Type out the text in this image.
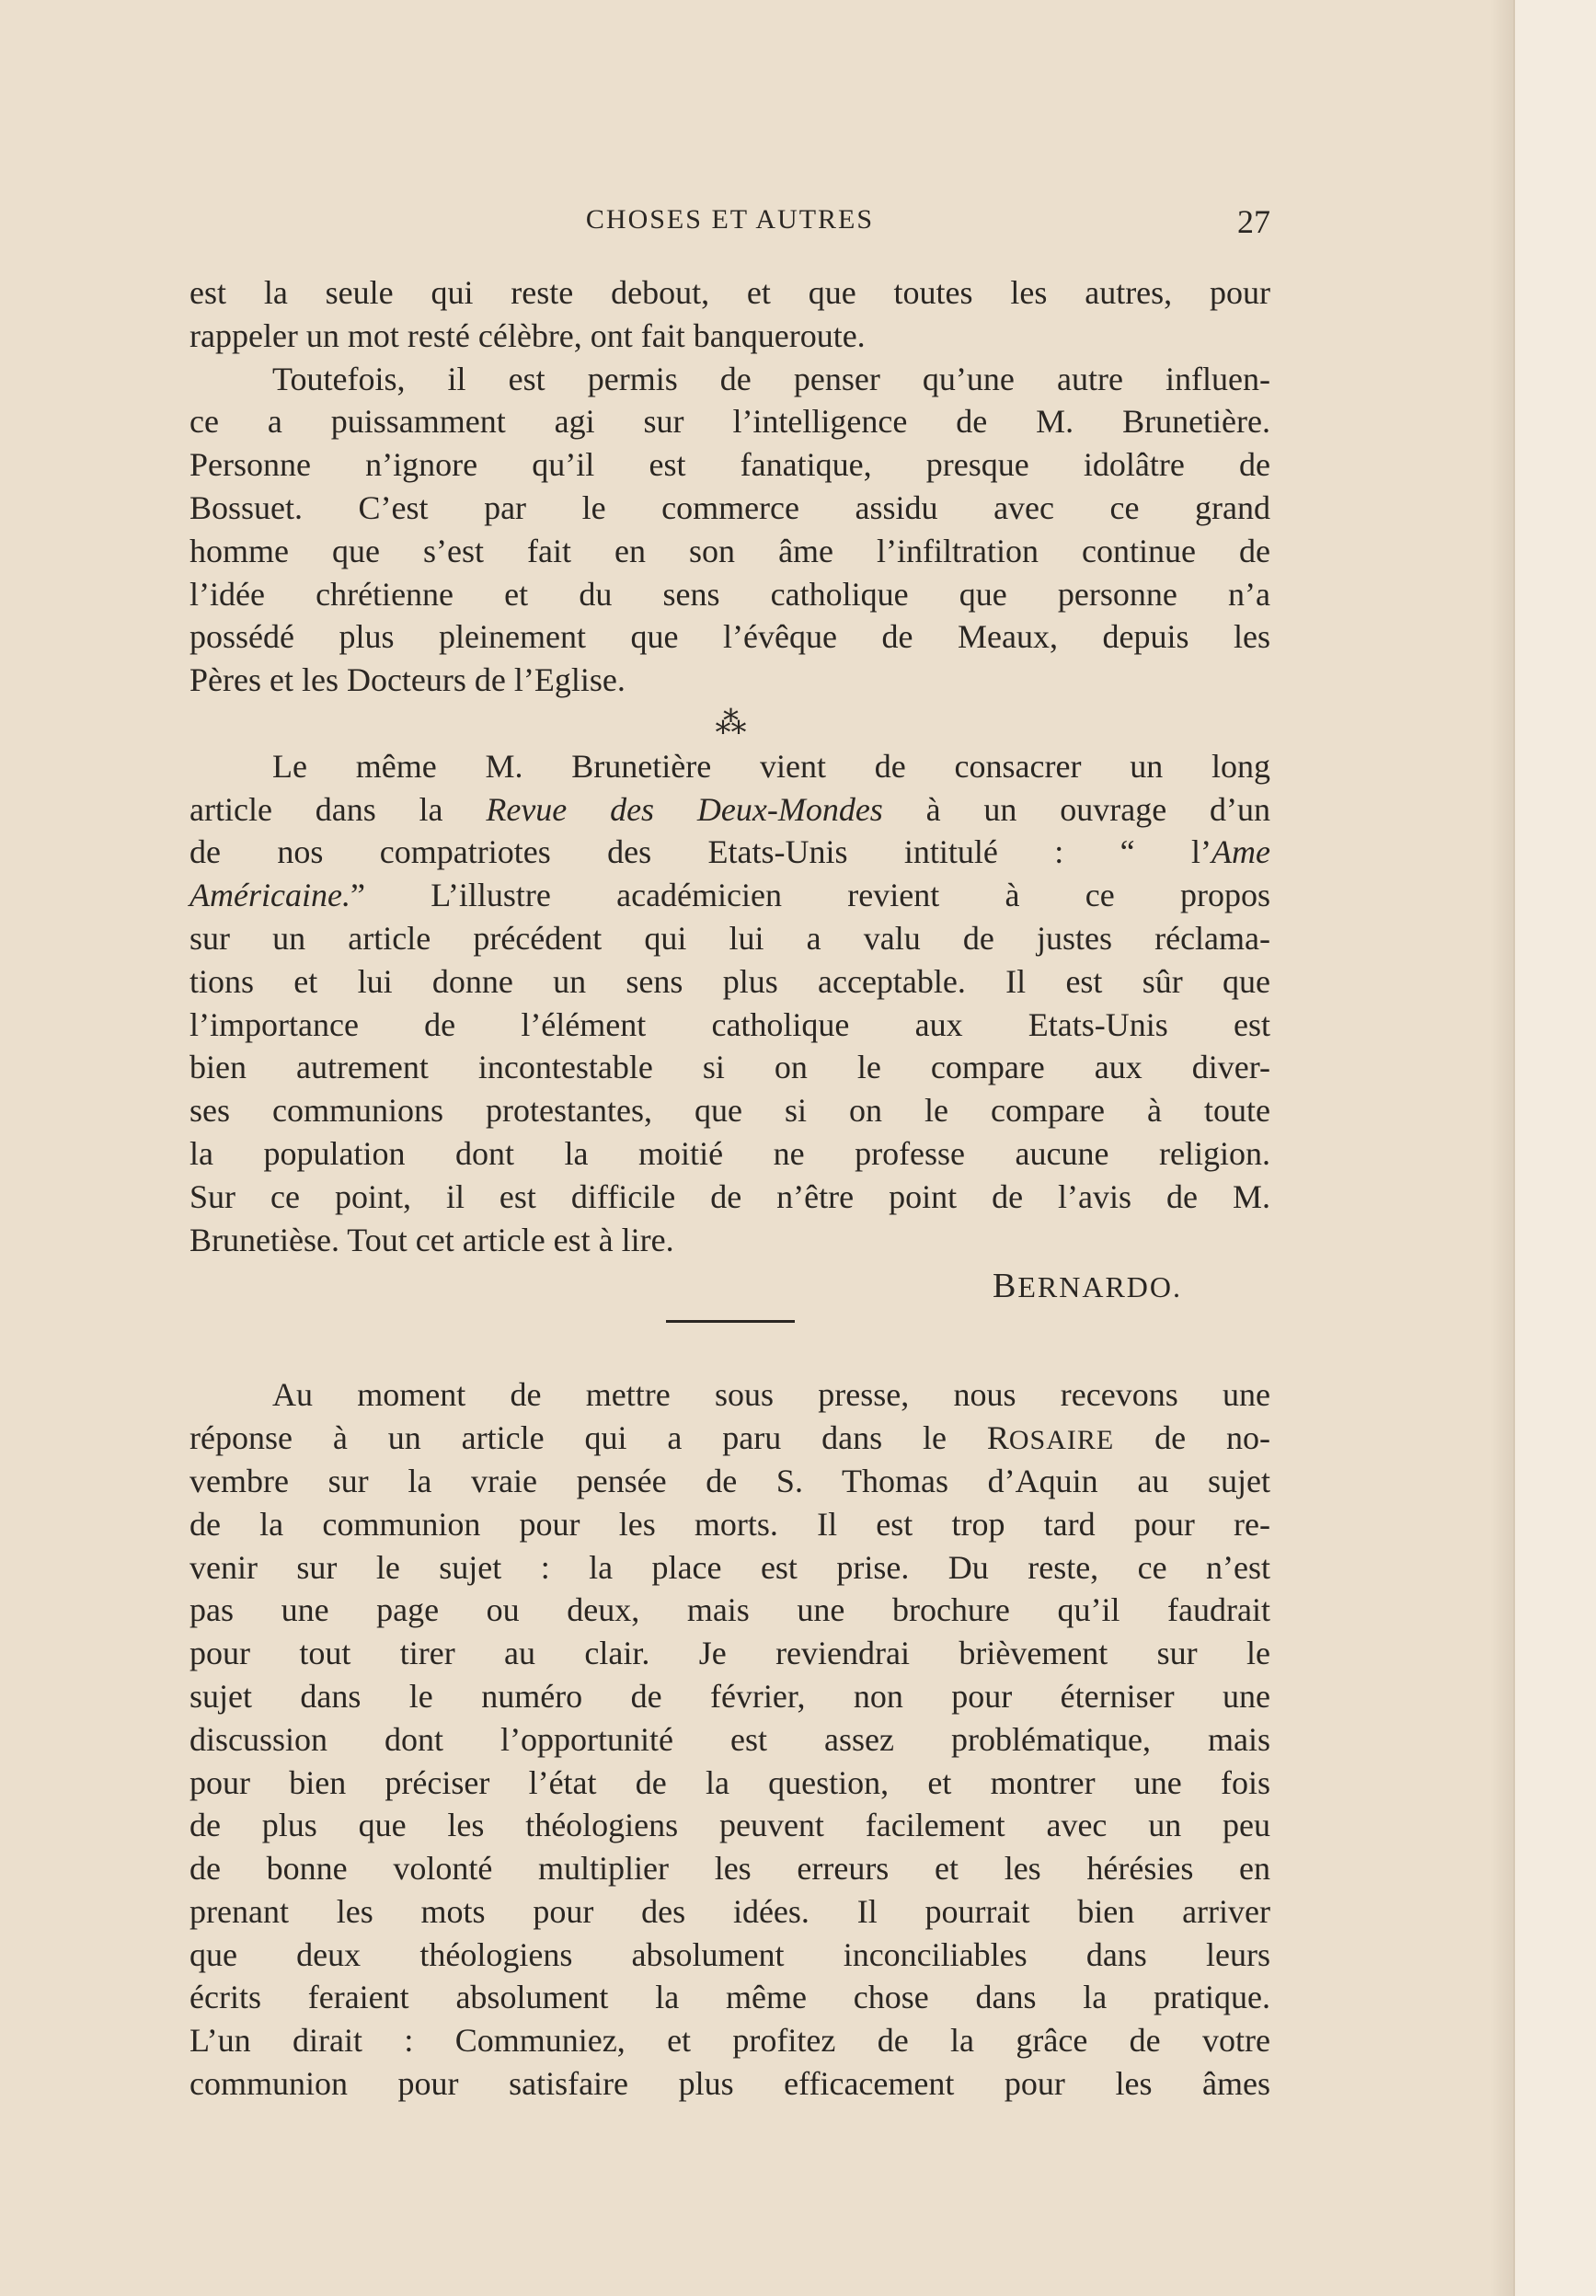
CHOSES ET AUTRES	27
est la seule qui reste debout, et que toutes les autres, pour
rappeler un mot resté célèbre, ont fait banqueroute.
Toutefois, il est permis de penser qu’une autre influen-
ce a puissamment agi sur l’intelligence de M. Brunetière.
Personne n’ignore qu’il est fanatique, presque idolâtre de
Bossuet. C’est par le commerce assidu avec ce grand
homme que s’est fait en son âme l’infiltration continue de
l’idée chrétienne et du sens catholique que personne n’a
possédé plus pleinement que l’évêque de Meaux, depuis les
Pères et les Docteurs de l’Eglise.
⁂
Le même M. Brunetière vient de consacrer un long
article dans la Revue des Deux-Mondes à un ouvrage d’un
de nos compatriotes des Etats-Unis intitulé : “ l’Ame
Américaine.” L’illustre académicien revient à ce propos
sur un article précédent qui lui a valu de justes réclama-
tions et lui donne un sens plus acceptable. Il est sûr que
l’importance de l’élément catholique aux Etats-Unis est
bien autrement incontestable si on le compare aux diver-
ses communions protestantes, que si on le compare à toute
la population dont la moitié ne professe aucune religion.
Sur ce point, il est difficile de n’être point de l’avis de M.
Brunetièse. Tout cet article est à lire.
BERNARDO.
Au moment de mettre sous presse, nous recevons une
réponse à un article qui a paru dans le ROSAIRE de no-
vembre sur la vraie pensée de S. Thomas d’Aquin au sujet
de la communion pour les morts. Il est trop tard pour re-
venir sur le sujet : la place est prise. Du reste, ce n’est
pas une page ou deux, mais une brochure qu’il faudrait
pour tout tirer au clair. Je reviendrai brièvement sur le
sujet dans le numéro de février, non pour éterniser une
discussion dont l’opportunité est assez problématique, mais
pour bien préciser l’état de la question, et montrer une fois
de plus que les théologiens peuvent facilement avec un peu
de bonne volonté multiplier les erreurs et les hérésies en
prenant les mots pour des idées. Il pourrait bien arriver
que deux théologiens absolument inconciliables dans leurs
écrits feraient absolument la même chose dans la pratique.
L’un dirait : Communiez, et profitez de la grâce de votre
communion pour satisfaire plus efficacement pour les âmes
